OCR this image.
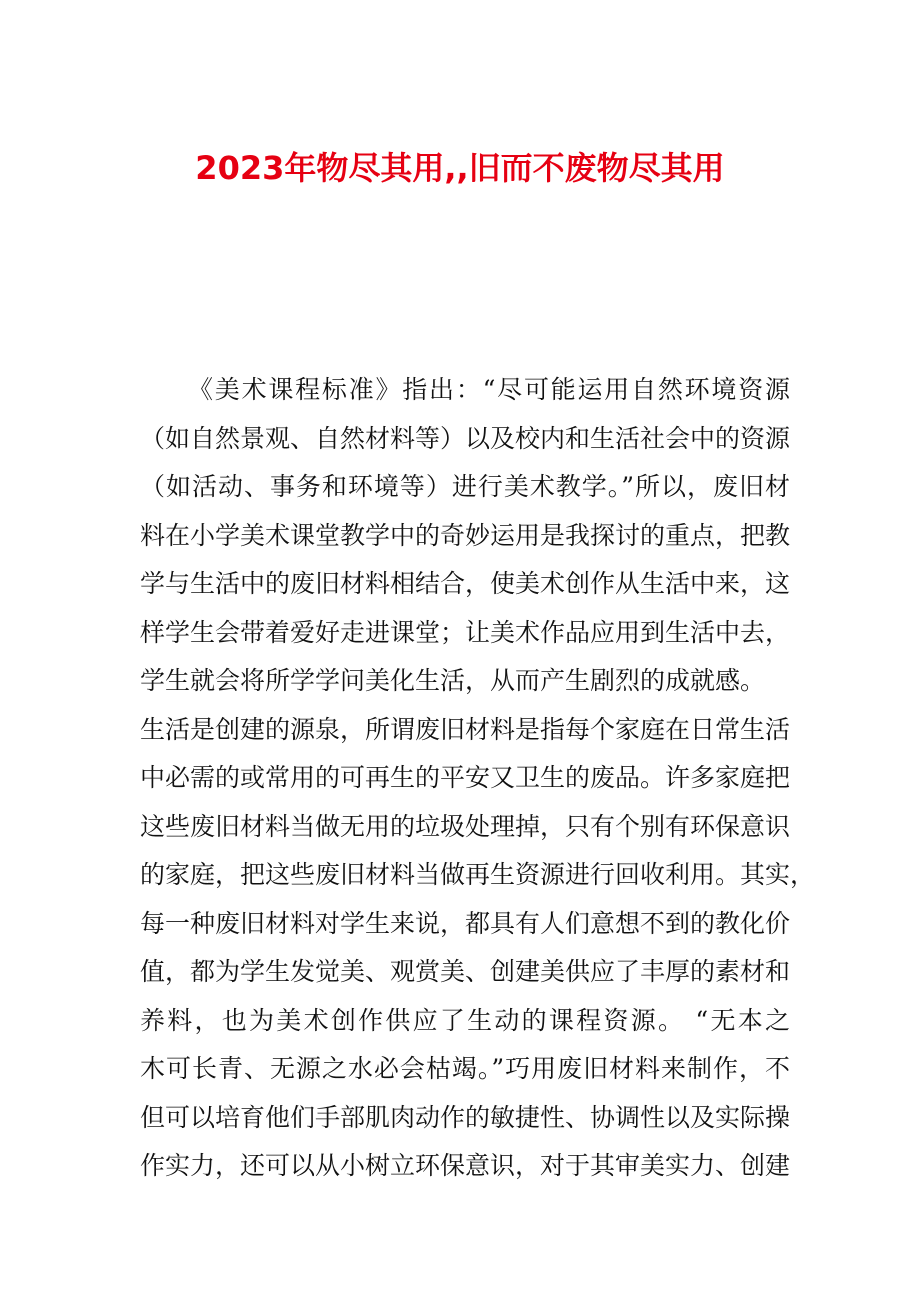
2023年物尽其用,,旧而不废物尽其用
《美术课程标准》指出：“尽可能运用自然环境资源
（如自然景观、自然材料等）以及校内和生活社会中的资源
（如活动、事务和环境等）进行美术教学。”所以，废旧材
料在小学美术课堂教学中的奇妙运用是我探讨的重点，把教
学与生活中的废旧材料相结合，使美术创作从生活中来，这
样学生会带着爱好走进课堂；让美术作品应用到生活中去，
学生就会将所学学问美化生活，从而产生剧烈的成就感。
生活是创建的源泉，所谓废旧材料是指每个家庭在日常生活
中必需的或常用的可再生的平安又卫生的废品。许多家庭把
这些废旧材料当做无用的垃圾处理掉，只有个别有环保意识
的家庭，把这些废旧材料当做再生资源进行回收利用。其实，
每一种废旧材料对学生来说，都具有人们意想不到的教化价
值，都为学生发觉美、观赏美、创建美供应了丰厚的素材和
养料，也为美术创作供应了生动的课程资源。 “无本之
木可长青、无源之水必会枯竭。”巧用废旧材料来制作，不
但可以培育他们手部肌肉动作的敏捷性、协调性以及实际操
作实力，还可以从小树立环保意识，对于其审美实力、创建
